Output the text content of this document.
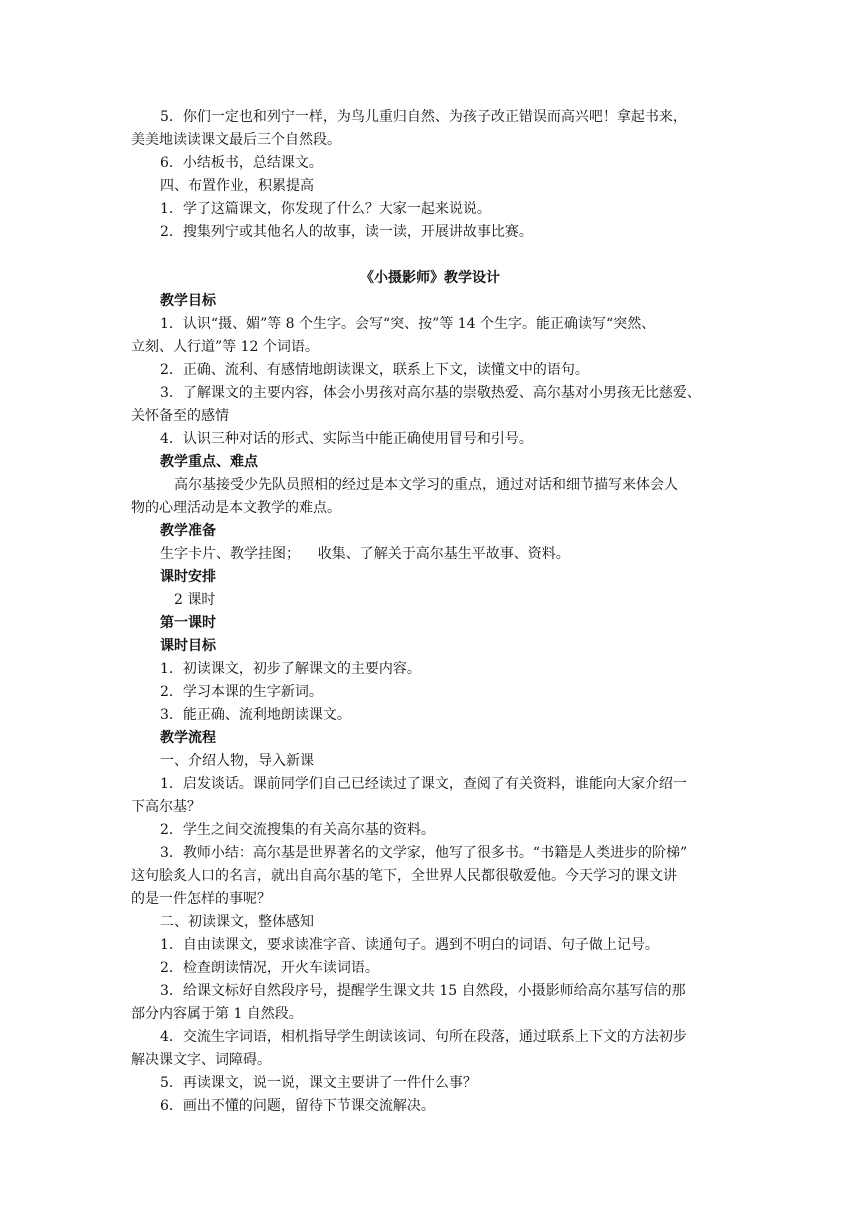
5．你们一定也和列宁一样，为鸟儿重归自然、为孩子改正错误而高兴吧！拿起书来，
美美地读读课文最后三个自然段。
6．小结板书，总结课文。
四、布置作业，积累提高
1．学了这篇课文，你发现了什么？大家一起来说说。
2．搜集列宁或其他名人的故事，读一读，开展讲故事比赛。
《小摄影师》教学设计
教学目标
1．认识“摄、媚”等 8 个生字。会写“突、按”等 14 个生字。能正确读写“突然、
立刻、人行道”等 12 个词语。
2．正确、流利、有感情地朗读课文，联系上下文，读懂文中的语句。
3．了解课文的主要内容，体会小男孩对高尔基的崇敬热爱、高尔基对小男孩无比慈爱、
关怀备至的感情
4．认识三种对话的形式、实际当中能正确使用冒号和引号。
教学重点、难点
高尔基接受少先队员照相的经过是本文学习的重点，通过对话和细节描写来体会人
物的心理活动是本文教学的难点。
教学准备
生字卡片、教学挂图；    收集、了解关于高尔基生平故事、资料。
课时安排
2 课时
第一课时
课时目标
1．初读课文，初步了解课文的主要内容。
2．学习本课的生字新词。
3．能正确、流利地朗读课文。
教学流程
一、介绍人物，导入新课
1．启发谈话。课前同学们自己已经读过了课文，查阅了有关资料，谁能向大家介绍一
下高尔基？
2．学生之间交流搜集的有关高尔基的资料。
3．教师小结：高尔基是世界著名的文学家，他写了很多书。“书籍是人类进步的阶梯”
这句脍炙人口的名言，就出自高尔基的笔下，全世界人民都很敬爱他。今天学习的课文讲
的是一件怎样的事呢？
二、初读课文，整体感知
1．自由读课文，要求读准字音、读通句子。遇到不明白的词语、句子做上记号。
2．检查朗读情况，开火车读词语。
3．给课文标好自然段序号，提醒学生课文共 15 自然段，小摄影师给高尔基写信的那
部分内容属于第 1 自然段。
4．交流生字词语，相机指导学生朗读该词、句所在段落，通过联系上下文的方法初步
解决课文字、词障碍。
5．再读课文，说一说，课文主要讲了一件什么事？
6．画出不懂的问题，留待下节课交流解决。
